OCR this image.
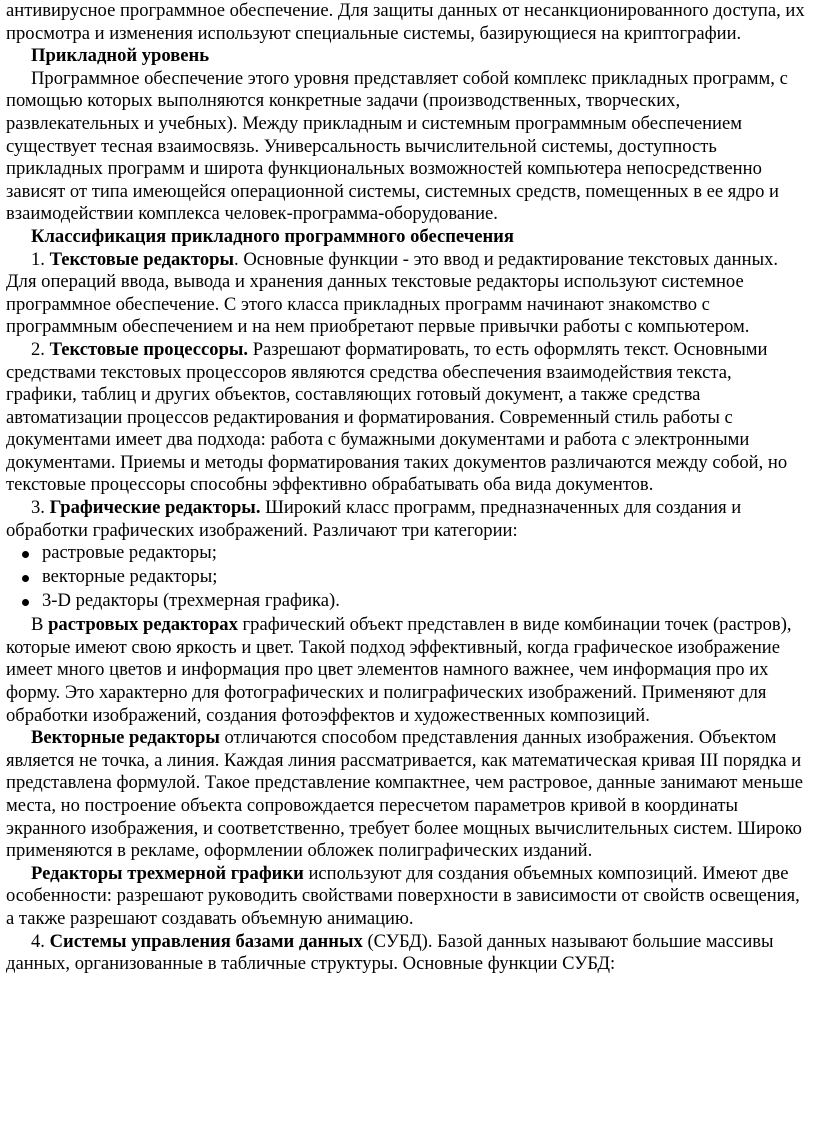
антивирусное программное обеспечение. Для защиты данных от несанкционированного доступа, их просмотра и изменения используют специальные системы, базирующиеся на криптографии.

Прикладной уровень

Программное обеспечение этого уровня представляет собой комплекс прикладных программ, с помощью которых выполняются конкретные задачи (производственных, творческих, развлекательных и учебных). Между прикладным и системным программным обеспечением существует тесная взаимосвязь. Универсальность вычислительной системы, доступность прикладных программ и широта функциональных возможностей компьютера непосредственно зависят от типа имеющейся операционной системы, системных средств, помещенных в ее ядро и взаимодействии комплекса человек-программа-оборудование.

Классификация прикладного программного обеспечения

1. Текстовые редакторы. Основные функции - это ввод и редактирование текстовых данных. Для операций ввода, вывода и хранения данных текстовые редакторы используют системное программное обеспечение. С этого класса прикладных программ начинают знакомство с программным обеспечением и на нем приобретают первые привычки работы с компьютером.

2. Текстовые процессоры. Разрешают форматировать, то есть оформлять текст. Основными средствами текстовых процессоров являются средства обеспечения взаимодействия текста, графики, таблиц и других объектов, составляющих готовый документ, а также средства автоматизации процессов редактирования и форматирования. Современный стиль работы с документами имеет два подхода: работа с бумажными документами и работа с электронными документами. Приемы и методы форматирования таких документов различаются между собой, но текстовые процессоры способны эффективно обрабатывать оба вида документов.

3. Графические редакторы. Широкий класс программ, предназначенных для создания и обработки графических изображений. Различают три категории:

растровые редакторы;
векторные редакторы;
3-D редакторы (трехмерная графика).

В растровых редакторах графический объект представлен в виде комбинации точек (растров), которые имеют свою яркость и цвет. Такой подход эффективный, когда графическое изображение имеет много цветов и информация про цвет элементов намного важнее, чем информация про их форму. Это характерно для фотографических и полиграфических изображений. Применяют для обработки изображений, создания фотоэффектов и художественных композиций.

Векторные редакторы отличаются способом представления данных изображения. Объектом является не точка, а линия. Каждая линия рассматривается, как математическая кривая III порядка и представлена формулой. Такое представление компактнее, чем растровое, данные занимают меньше места, но построение объекта сопровождается пересчетом параметров кривой в координаты экранного изображения, и соответственно, требует более мощных вычислительных систем. Широко применяются в рекламе, оформлении обложек полиграфических изданий.

Редакторы трехмерной графики используют для создания объемных композиций. Имеют две особенности: разрешают руководить свойствами поверхности в зависимости от свойств освещения, а также разрешают создавать объемную анимацию.

4. Системы управления базами данных (СУБД). Базой данных называют большие массивы данных, организованные в табличные структуры. Основные функции СУБД:
